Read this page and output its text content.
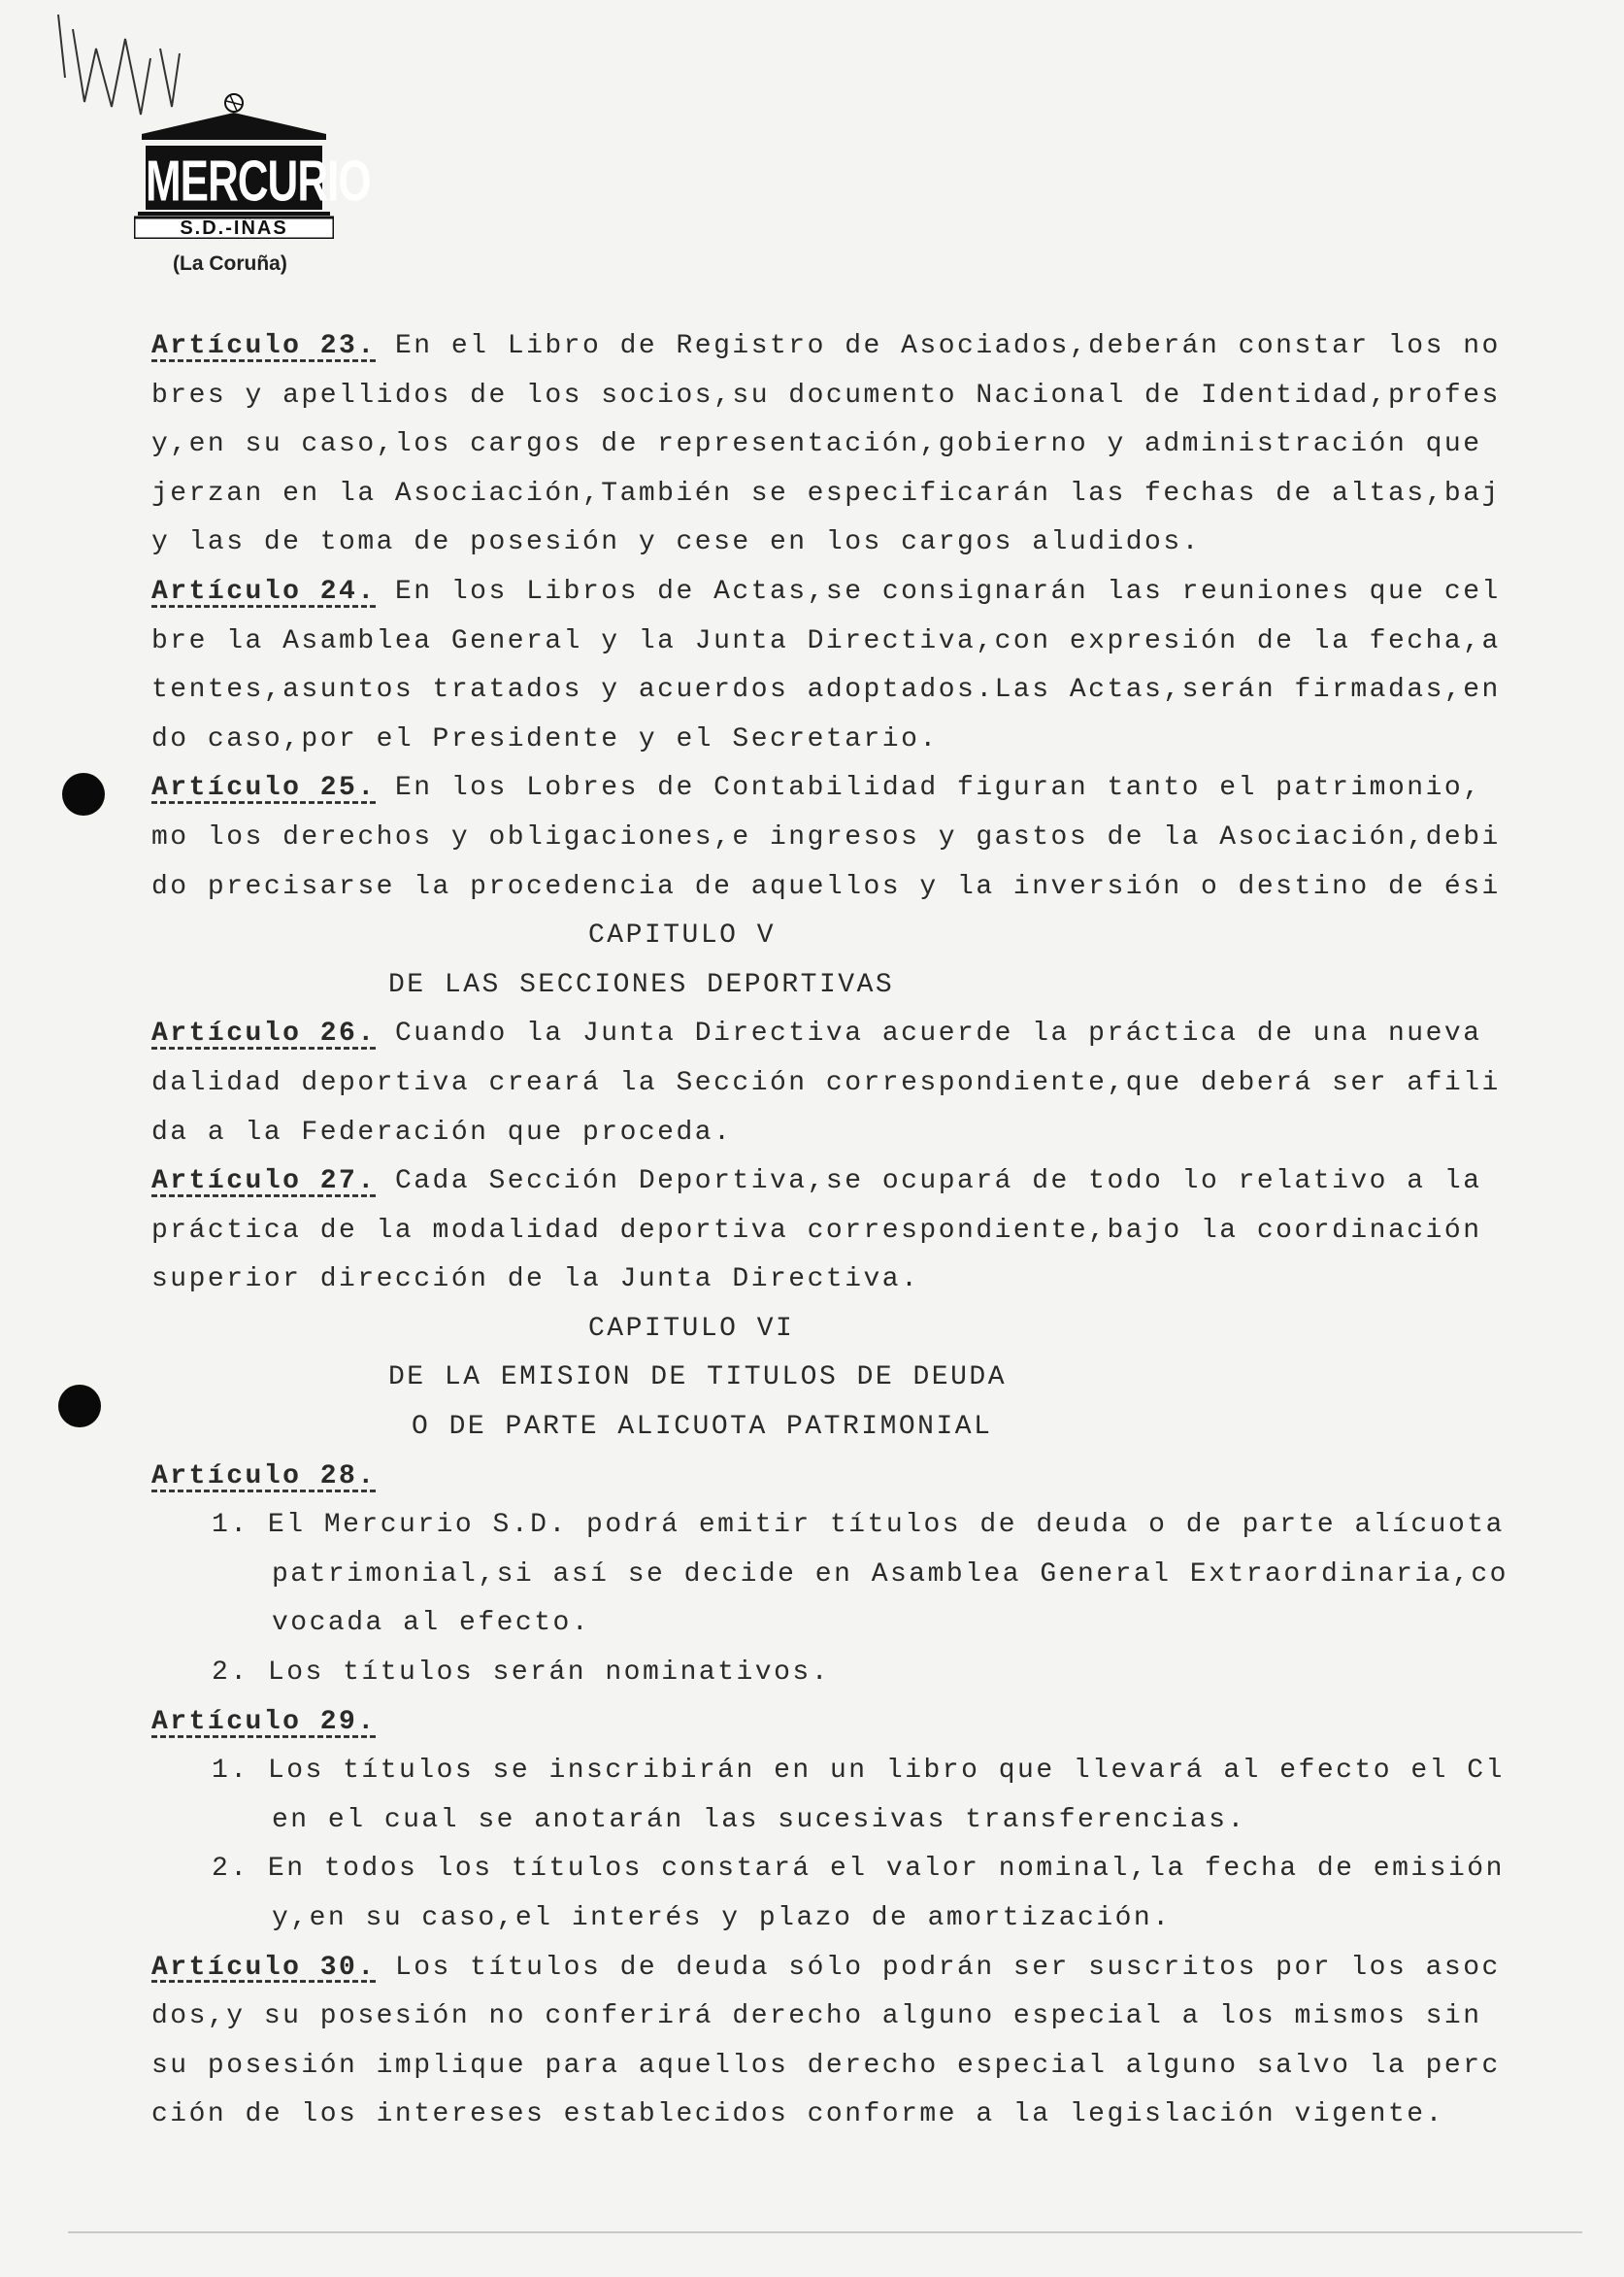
MERCURIO
S.D.-IÑAS
(La Coruña)
Artículo 23. En el Libro de Registro de Asociados,deberán constar los no
bres y apellidos de los socios,su documento Nacional de Identidad,profes
y,en su caso,los cargos de representación,gobierno y administración que
jerzan en la Asociación,También se especificarán las fechas de altas,baj
y las de toma de posesión y cese en los cargos aludidos.
Artículo 24. En los Libros de Actas,se consignarán las reuniones que cel
bre la Asamblea General y la Junta Directiva,con expresión de la fecha,a
tentes,asuntos tratados y acuerdos adoptados.Las Actas,serán firmadas,en
do caso,por el Presidente y el Secretario.
Artículo 25. En los Lobres de Contabilidad figuran tanto el patrimonio,
mo los derechos y obligaciones,e ingresos y gastos de la Asociación,debi
do precisarse la procedencia de aquellos y la inversión o destino de ési
CAPITULO V
DE LAS SECCIONES DEPORTIVAS
Artículo 26. Cuando la Junta Directiva acuerde la práctica de una nueva
dalidad deportiva creará la Sección correspondiente,que deberá ser afili
da a la Federación que proceda.
Artículo 27. Cada Sección Deportiva,se ocupará de todo lo relativo a la
práctica de la modalidad deportiva correspondiente,bajo la coordinación
superior dirección de la Junta Directiva.
CAPITULO VI
DE LA EMISION DE TITULOS DE DEUDA
O DE PARTE ALICUOTA PATRIMONIAL
Artículo 28.
1. El Mercurio S.D. podrá emitir títulos de deuda o de parte alícuota
patrimonial,si así se decide en Asamblea General Extraordinaria,co
vocada al efecto.
2. Los títulos serán nominativos.
Artículo 29.
1. Los títulos se inscribirán en un libro que llevará al efecto el Cl
en el cual se anotarán las sucesivas transferencias.
2. En todos los títulos constará el valor nominal,la fecha de emisión
y,en su caso,el interés y plazo de amortización.
Artículo 30. Los títulos de deuda sólo podrán ser suscritos por los asoc
dos,y su posesión no conferirá derecho alguno especial a los mismos sin
su posesión implique para aquellos derecho especial alguno salvo la perc
ción de los intereses establecidos conforme a la legislación vigente.
